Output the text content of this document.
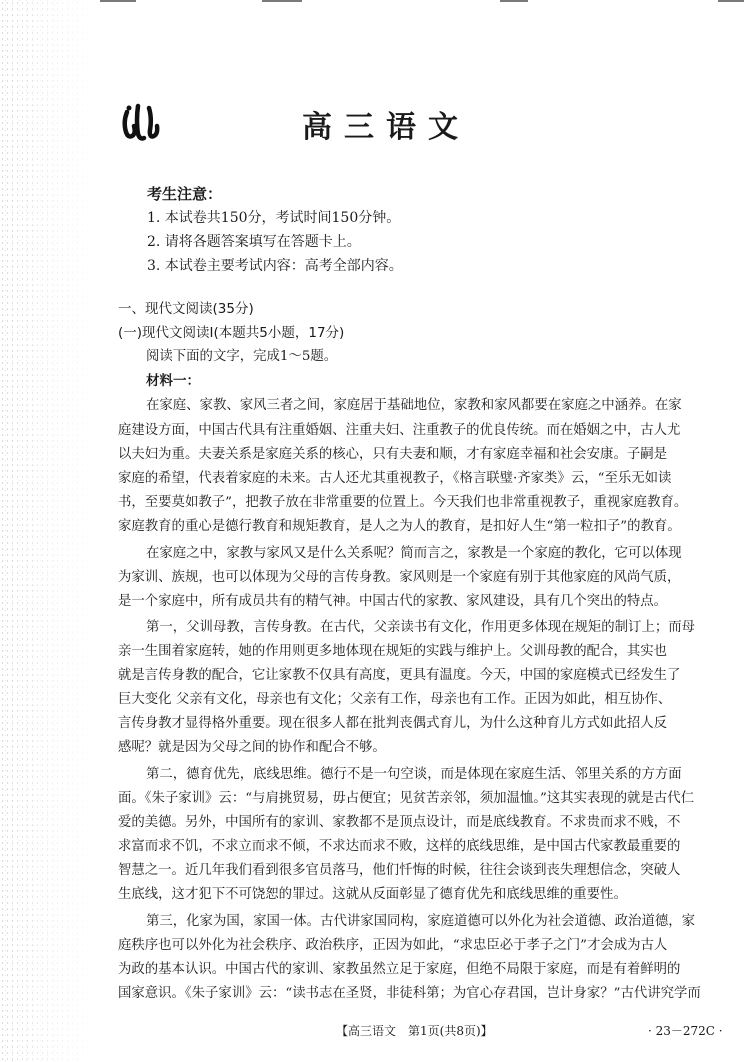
高三语文
考生注意：
1. 本试卷共150分，考试时间150分钟。
2. 请将各题答案填写在答题卡上。
3. 本试卷主要考试内容：高考全部内容。
一、现代文阅读(35分)
(一)现代文阅读Ⅰ(本题共5小题，17分)
阅读下面的文字，完成1～5题。
材料一：
在家庭、家教、家风三者之间，家庭居于基础地位，家教和家风都要在家庭之中涵养。在家
庭建设方面，中国古代具有注重婚姻、注重夫妇、注重教子的优良传统。而在婚姻之中，古人尤
以夫妇为重。夫妻关系是家庭关系的核心，只有夫妻和顺，才有家庭幸福和社会安康。子嗣是
家庭的希望，代表着家庭的未来。古人还尤其重视教子，《格言联璧·齐家类》云，“至乐无如读
书，至要莫如教子”，把教子放在非常重要的位置上。今天我们也非常重视教子，重视家庭教育。
家庭教育的重心是德行教育和规矩教育，是人之为人的教育，是扣好人生“第一粒扣子”的教育。
在家庭之中，家教与家风又是什么关系呢？简而言之，家教是一个家庭的教化，它可以体现
为家训、族规，也可以体现为父母的言传身教。家风则是一个家庭有别于其他家庭的风尚气质，
是一个家庭中，所有成员共有的精气神。中国古代的家教、家风建设，具有几个突出的特点。
第一，父训母教，言传身教。在古代，父亲读书有文化，作用更多体现在规矩的制订上；而母
亲一生围着家庭转，她的作用则更多地体现在规矩的实践与维护上。父训母教的配合，其实也
就是言传身教的配合，它让家教不仅具有高度，更具有温度。今天，中国的家庭模式已经发生了
巨大变化 父亲有文化，母亲也有文化；父亲有工作，母亲也有工作。正因为如此，相互协作、
言传身教才显得格外重要。现在很多人都在批判丧偶式育儿，为什么这种育儿方式如此招人反
感呢？就是因为父母之间的协作和配合不够。
第二，德育优先，底线思维。德行不是一句空谈，而是体现在家庭生活、邻里关系的方方面
面。《朱子家训》云：“与肩挑贸易，毋占便宜；见贫苦亲邻，须加温恤。”这其实表现的就是古代仁
爱的美德。另外，中国所有的家训、家教都不是顶点设计，而是底线教育。不求贵而求不贱，不
求富而求不饥，不求立而求不倾，不求达而求不败，这样的底线思维，是中国古代家教最重要的
智慧之一。近几年我们看到很多官员落马，他们忏悔的时候，往往会谈到丧失理想信念，突破人
生底线，这才犯下不可饶恕的罪过。这就从反面彰显了德育优先和底线思维的重要性。
第三，化家为国，家国一体。古代讲家国同构，家庭道德可以外化为社会道德、政治道德，家
庭秩序也可以外化为社会秩序、政治秩序，正因为如此，“求忠臣必于孝子之门”才会成为古人
为政的基本认识。中国古代的家训、家教虽然立足于家庭，但绝不局限于家庭，而是有着鲜明的
国家意识。《朱子家训》云：“读书志在圣贤，非徒科第；为官心存君国，岂计身家？”古代讲究学而
【高三语文　第1页(共8页)】	· 23－272C ·
